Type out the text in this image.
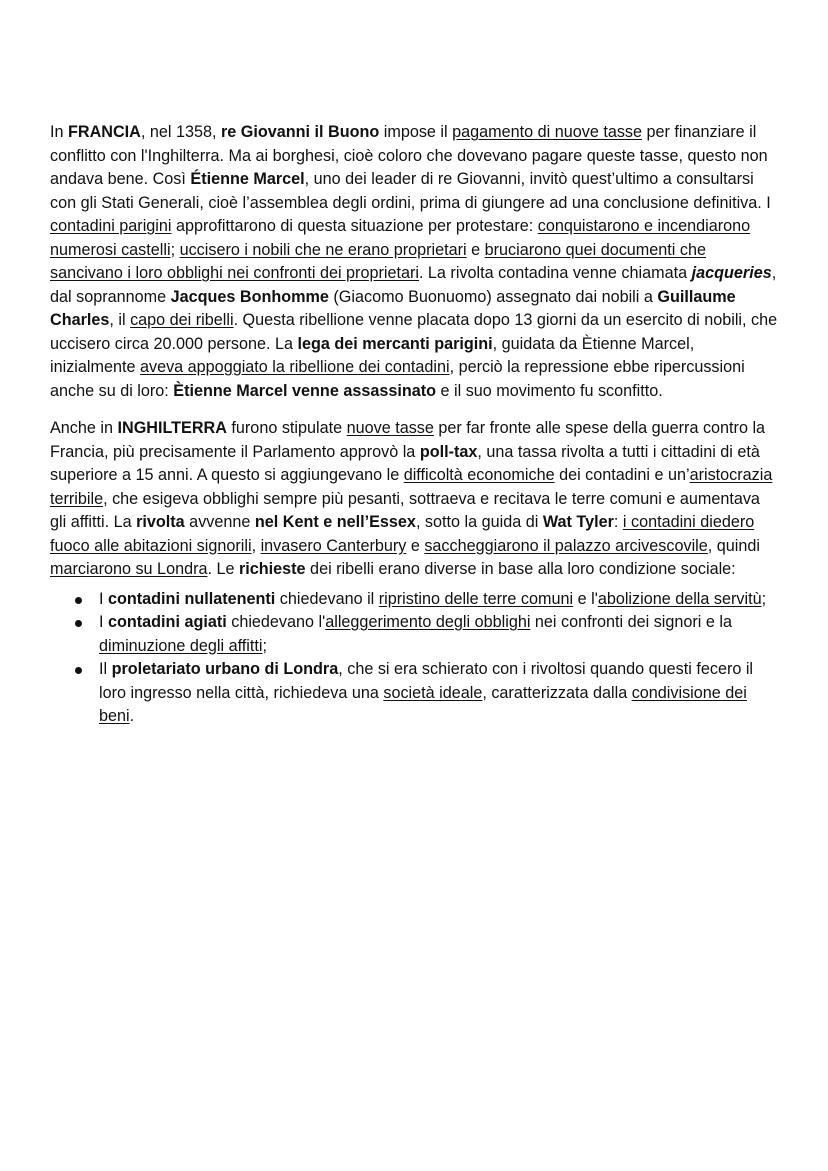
In FRANCIA, nel 1358, re Giovanni il Buono impose il pagamento di nuove tasse per finanziare il conflitto con l'Inghilterra. Ma ai borghesi, cioè coloro che dovevano pagare queste tasse, questo non andava bene. Così Étienne Marcel, uno dei leader di re Giovanni, invitò quest’ultimo a consultarsi con gli Stati Generali, cioè l’assemblea degli ordini, prima di giungere ad una conclusione definitiva. I contadini parigini approfittarono di questa situazione per protestare: conquistarono e incendiarono numerosi castelli; uccisero i nobili che ne erano proprietari e bruciarono quei documenti che sancivano i loro obblighi nei confronti dei proprietari. La rivolta contadina venne chiamata jacqueries, dal soprannome Jacques Bonhomme (Giacomo Buonuomo) assegnato dai nobili a Guillaume Charles, il capo dei ribelli. Questa ribellione venne placata dopo 13 giorni da un esercito di nobili, che uccisero circa 20.000 persone. La lega dei mercanti parigini, guidata da Ètienne Marcel, inizialmente aveva appoggiato la ribellione dei contadini, perciò la repressione ebbe ripercussioni anche su di loro: Ètienne Marcel venne assassinato e il suo movimento fu sconfitto.

Anche in INGHILTERRA furono stipulate nuove tasse per far fronte alle spese della guerra contro la Francia, più precisamente il Parlamento approvò la poll-tax, una tassa rivolta a tutti i cittadini di età superiore a 15 anni. A questo si aggiungevano le difficoltà economiche dei contadini e un’aristocrazia terribile, che esigeva obblighi sempre più pesanti, sottraeva e recitava le terre comuni e aumentava gli affitti. La rivolta avvenne nel Kent e nell’Essex, sotto la guida di Wat Tyler: i contadini diedero fuoco alle abitazioni signorili, invasero Canterbury e saccheggiarono il palazzo arcivescovile, quindi marciarono su Londra. Le richieste dei ribelli erano diverse in base alla loro condizione sociale:

I contadini nullatenenti chiedevano il ripristino delle terre comuni e l'abolizione della servitù;
I contadini agiati chiedevano l'alleggerimento degli obblighi nei confronti dei signori e la diminuzione degli affitti;
Il proletariato urbano di Londra, che si era schierato con i rivoltosi quando questi fecero il loro ingresso nella città, richiedeva una società ideale, caratterizzata dalla condivisione dei beni.
